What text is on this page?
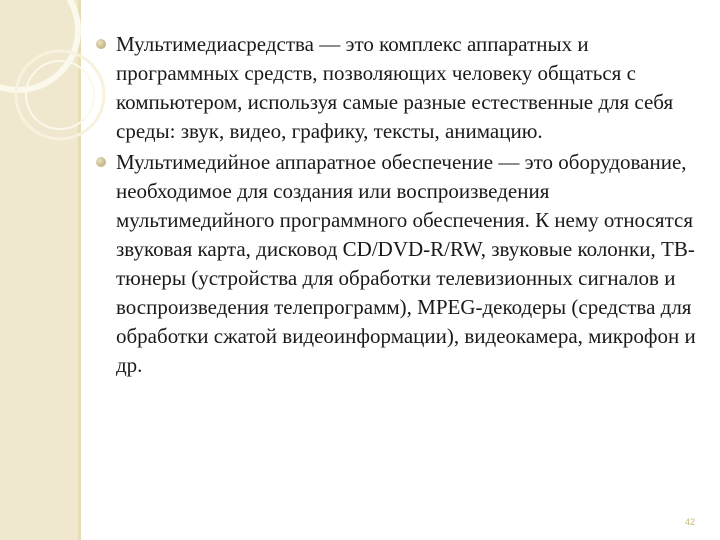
Мультимедиасредства — это комплекс аппаратных и программных средств, позволяющих человеку общаться с компьютером, используя самые разные естественные для себя среды: звук, видео, графику, тексты, анимацию.
Мультимедийное аппаратное обеспечение — это оборудование, необходимое для создания или воспроизведения мультимедийного программного обеспечения. К нему относятся звуковая карта, дисковод CD/DVD-R/RW, звуковые колонки, ТВ-тюнеры (устройства для обработки телевизионных сигналов и воспроизведения телепрограмм), MPEG-декодеры (средства для обработки сжатой видеоинформации), видеокамера, микрофон и др.
42
